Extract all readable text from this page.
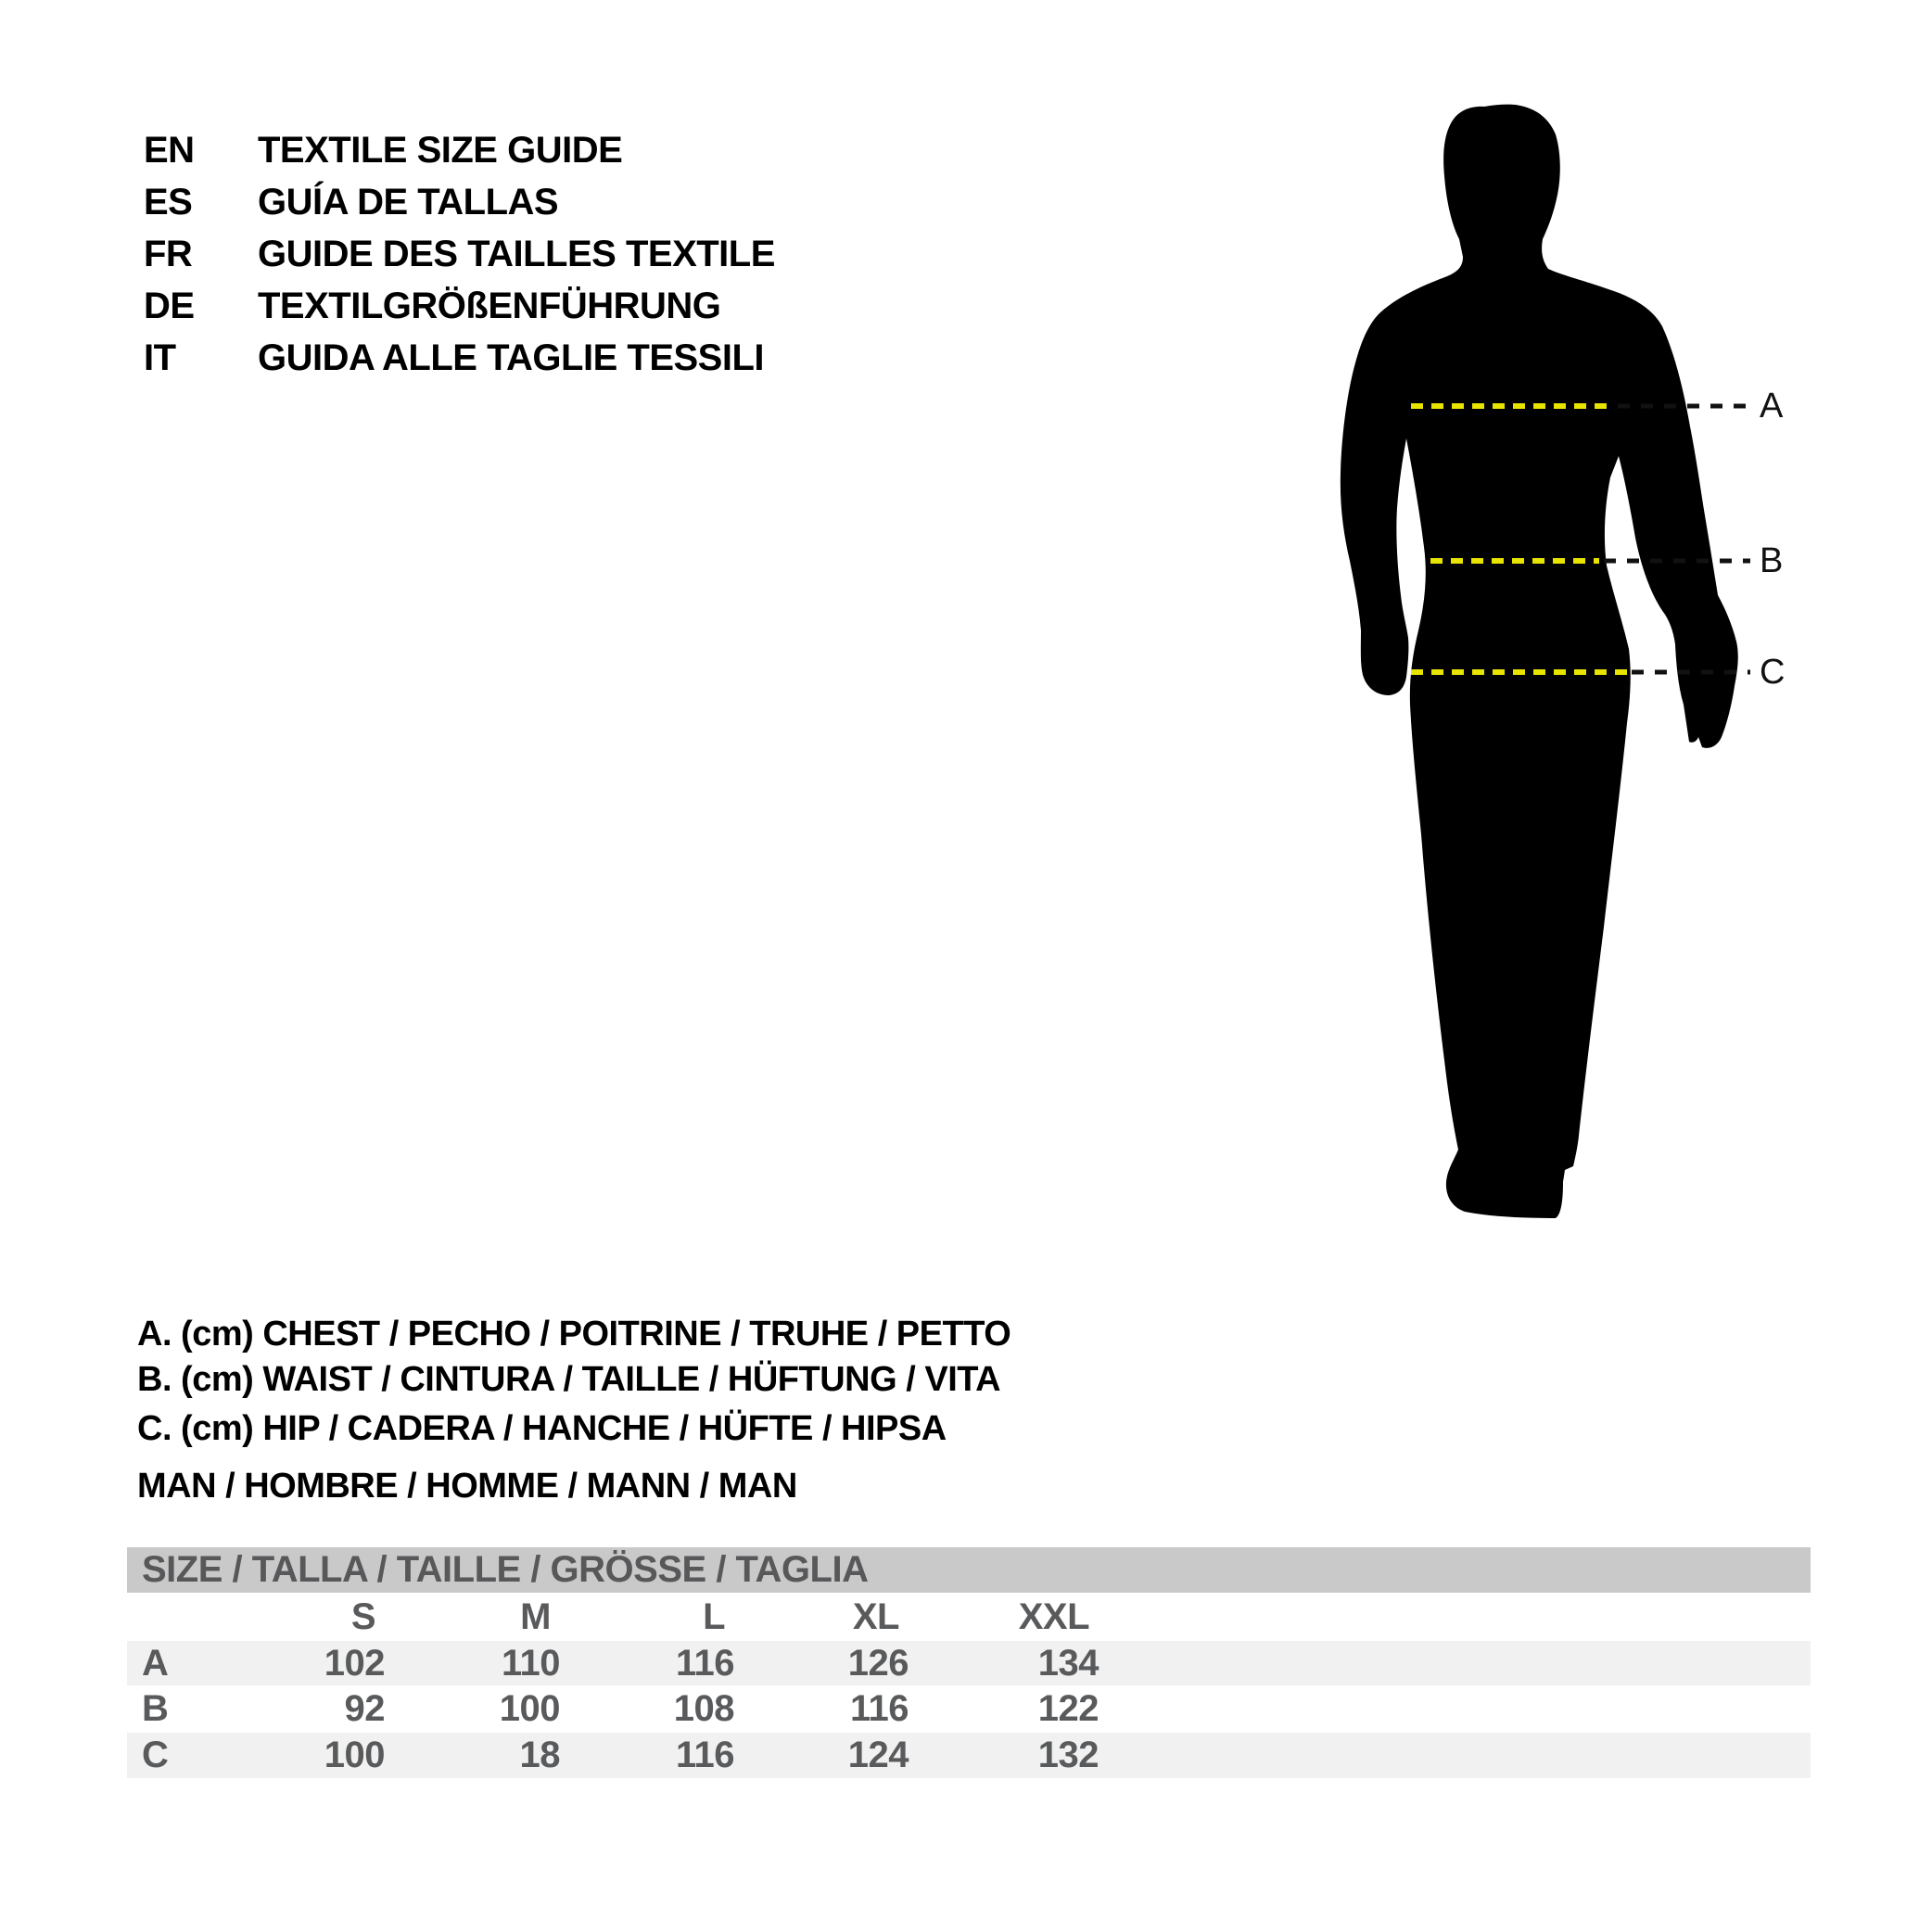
EN	TEXTILE SIZE GUIDE
ES	GUÍA DE TALLAS
FR	GUIDE DES TAILLES TEXTILE
DE	TEXTILGRÖßENFÜHRUNG
IT	GUIDA ALLE TAGLIE TESSILI
A
B
C
A. (cm) CHEST / PECHO / POITRINE / TRUHE / PETTO
B. (cm) WAIST / CINTURA / TAILLE / HÜFTUNG / VITA
C. (cm) HIP / CADERA / HANCHE / HÜFTE / HIPSA
MAN / HOMBRE / HOMME / MANN / MAN
SIZE / TALLA / TAILLE / GRÖSSE / TAGLIA
S	M	L	XL	XXL
A	102	110	116	126	134
B	92	100	108	116	122
C	100	18	116	124	132
